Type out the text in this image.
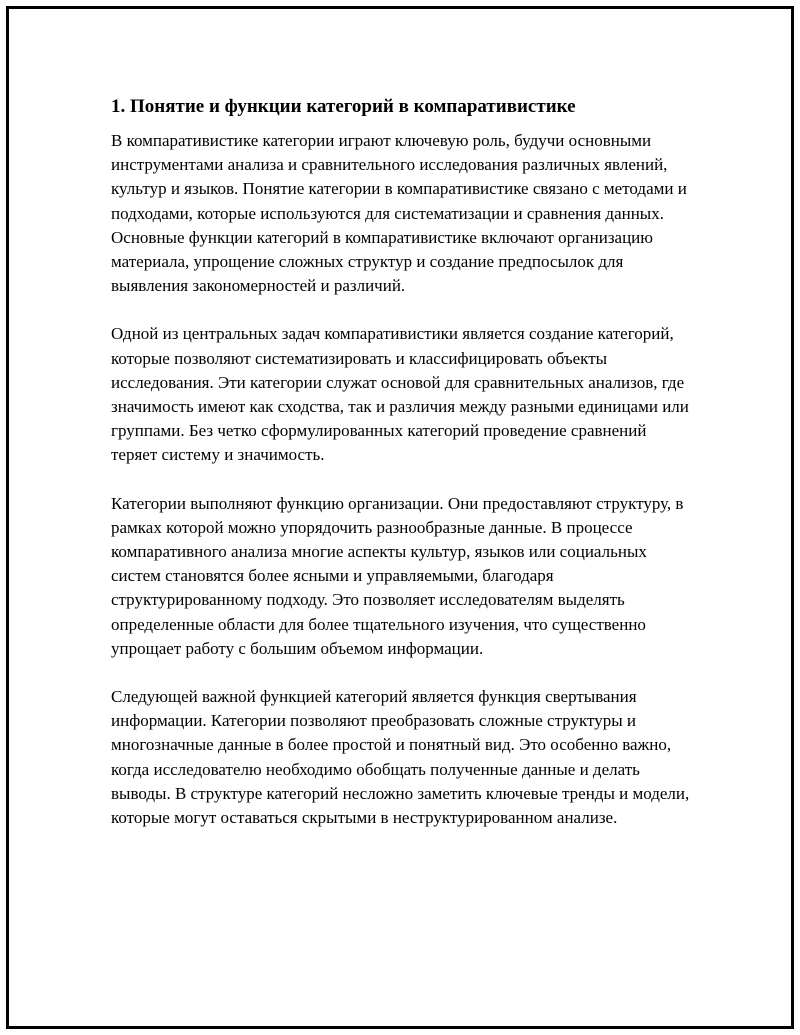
1. Понятие и функции категорий в компаративистике

В компаративистике категории играют ключевую роль, будучи основными инструментами анализа и сравнительного исследования различных явлений, культур и языков. Понятие категории в компаративистике связано с методами и подходами, которые используются для систематизации и сравнения данных. Основные функции категорий в компаративистике включают организацию материала, упрощение сложных структур и создание предпосылок для выявления закономерностей и различий.

Одной из центральных задач компаративистики является создание категорий, которые позволяют систематизировать и классифицировать объекты исследования. Эти категории служат основой для сравнительных анализов, где значимость имеют как сходства, так и различия между разными единицами или группами. Без четко сформулированных категорий проведение сравнений теряет систему и значимость.

Категории выполняют функцию организации. Они предоставляют структуру, в рамках которой можно упорядочить разнообразные данные. В процессе компаративного анализа многие аспекты культур, языков или социальных систем становятся более ясными и управляемыми, благодаря структурированному подходу. Это позволяет исследователям выделять определенные области для более тщательного изучения, что существенно упрощает работу с большим объемом информации.

Следующей важной функцией категорий является функция свертывания информации. Категории позволяют преобразовать сложные структуры и многозначные данные в более простой и понятный вид. Это особенно важно, когда исследователю необходимо обобщать полученные данные и делать выводы. В структуре категорий несложно заметить ключевые тренды и модели, которые могут оставаться скрытыми в неструктурированном анализе.
